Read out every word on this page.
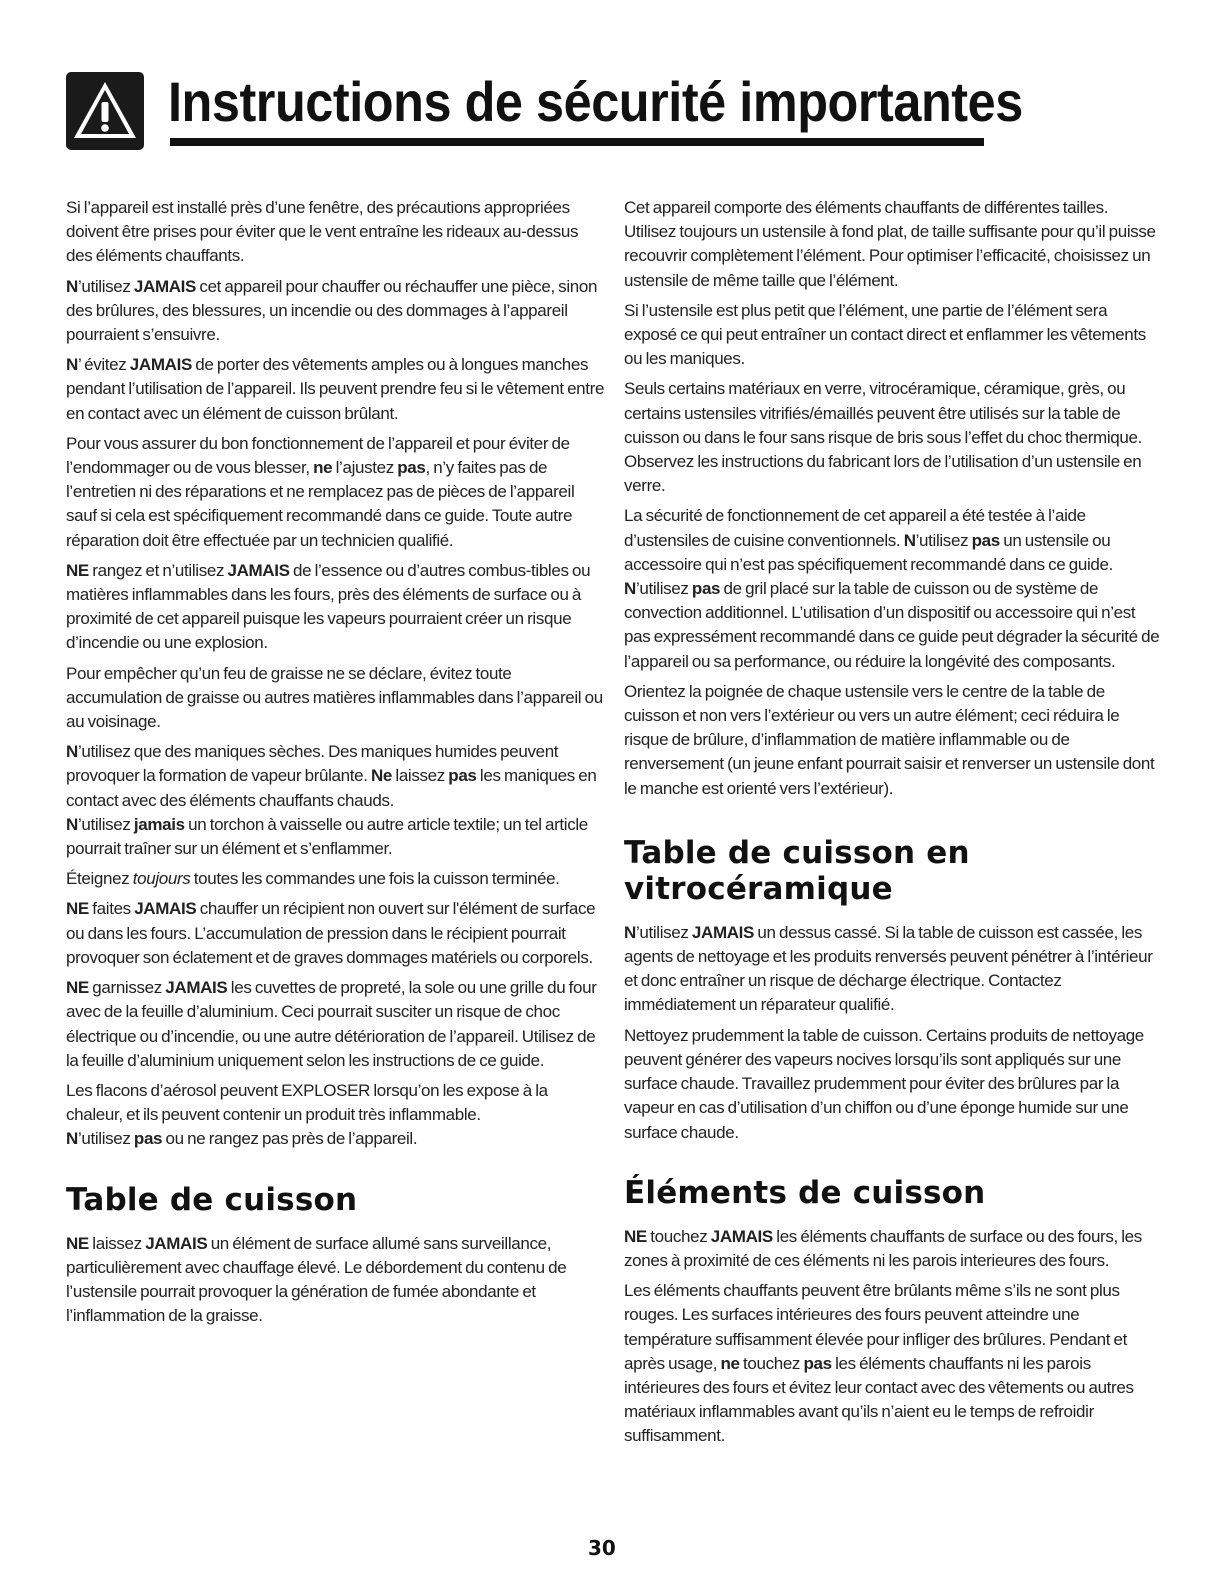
Instructions de sécurité importantes

Si l’appareil est installé près d’une fenêtre, des précautions appropriées doivent être prises pour éviter que le vent entraîne les rideaux au-dessus des éléments chauffants.

N’utilisez JAMAIS cet appareil pour chauffer ou réchauffer une pièce, sinon des brûlures, des blessures, un incendie ou des dommages à l’appareil pourraient s’ensuivre.

N’ évitez JAMAIS de porter des vêtements amples ou à longues manches pendant l’utilisation de l’appareil. Ils peuvent prendre feu si le vêtement entre en contact avec un élément de cuisson brûlant.

Pour vous assurer du bon fonctionnement de l’appareil et pour éviter de l’endommager ou de vous blesser, ne l’ajustez pas, n’y faites pas de l’entretien ni des réparations et ne remplacez pas de pièces de l’appareil sauf si cela est spécifiquement recommandé dans ce guide. Toute autre réparation doit être effectuée par un technicien qualifié.

NE rangez et n’utilisez JAMAIS de l’essence ou d’autres combus-tibles ou matières inflammables dans les fours, près des éléments de surface ou à proximité de cet appareil puisque les vapeurs pourraient créer un risque d’incendie ou une explosion.

Pour empêcher qu’un feu de graisse ne se déclare, évitez toute accumulation de graisse ou autres matières inflammables dans l’appareil ou au voisinage.

N’utilisez que des maniques sèches. Des maniques humides peuvent provoquer la formation de vapeur brûlante. Ne laissez pas les maniques en contact avec des éléments chauffants chauds.

N’utilisez jamais un torchon à vaisselle ou autre article textile; un tel article pourrait traîner sur un élément et s’enflammer.

Éteignez toujours toutes les commandes une fois la cuisson terminée.

NE faites JAMAIS chauffer un récipient non ouvert sur l'élément de surface ou dans les fours. L’accumulation de pression dans le récipient pourrait provoquer son éclatement et de graves dommages matériels ou corporels.

NE garnissez JAMAIS les cuvettes de propreté, la sole ou une grille du four avec de la feuille d’aluminium. Ceci pourrait susciter un risque de choc électrique ou d’incendie, ou une autre détérioration de l’appareil. Utilisez de la feuille d’aluminium uniquement selon les instructions de ce guide.

Les flacons d’aérosol peuvent EXPLOSER lorsqu’on les expose à la chaleur, et ils peuvent contenir un produit très inflammable.

N’utilisez pas ou ne rangez pas près de l’appareil.

Table de cuisson

NE laissez JAMAIS un élément de surface allumé sans surveillance, particulièrement avec chauffage élevé. Le débordement du contenu de l’ustensile pourrait provoquer la génération de fumée abondante et l’inflammation de la graisse.

Cet appareil comporte des éléments chauffants de différentes tailles. Utilisez toujours un ustensile à fond plat, de taille suffisante pour qu’il puisse recouvrir complètement l’élément. Pour optimiser l’efficacité, choisissez un ustensile de même taille que l’élément.

Si l’ustensile est plus petit que l’élément, une partie de l’élément sera exposé ce qui peut entraîner un contact direct et enflammer les vêtements ou les maniques.

Seuls certains matériaux en verre, vitrocéramique, céramique, grès, ou certains ustensiles vitrifiés/émaillés peuvent être utilisés sur la table de cuisson ou dans le four sans risque de bris sous l’effet du choc thermique. Observez les instructions du fabricant lors de l’utilisation d’un ustensile en verre.

La sécurité de fonctionnement de cet appareil a été testée à l’aide d’ustensiles de cuisine conventionnels. N’utilisez pas un ustensile ou accessoire qui n’est pas spécifiquement recommandé dans ce guide. N’utilisez pas de gril placé sur la table de cuisson ou de système de convection additionnel. L’utilisation d’un dispositif ou accessoire qui n’est pas expressément recommandé dans ce guide peut dégrader la sécurité de l’appareil ou sa performance, ou réduire la longévité des composants.

Orientez la poignée de chaque ustensile vers le centre de la table de cuisson et non vers l’extérieur ou vers un autre élément; ceci réduira le risque de brûlure, d’inflammation de matière inflammable ou de renversement (un jeune enfant pourrait saisir et renverser un ustensile dont le manche est orienté vers l’extérieur).

Table de cuisson en vitrocéramique

N’utilisez JAMAIS un dessus cassé. Si la table de cuisson est cassée, les agents de nettoyage et les produits renversés peuvent pénétrer à l’intérieur et donc entraîner un risque de décharge électrique. Contactez immédiatement un réparateur qualifié.

Nettoyez prudemment la table de cuisson. Certains produits de nettoyage peuvent générer des vapeurs nocives lorsqu’ils sont appliqués sur une surface chaude. Travaillez prudemment pour éviter des brûlures par la vapeur en cas d’utilisation d’un chiffon ou d’une éponge humide sur une surface chaude.

Éléments de cuisson

NE touchez JAMAIS les éléments chauffants de surface ou des fours, les zones à proximité de ces éléments ni les parois interieures des fours.

Les éléments chauffants peuvent être brûlants même s’ils ne sont plus rouges. Les surfaces intérieures des fours peuvent atteindre une température suffisamment élevée pour infliger des brûlures. Pendant et après usage, ne touchez pas les éléments chauffants ni les parois intérieures des fours et évitez leur contact avec des vêtements ou autres matériaux inflammables avant qu’ils n’aient eu le temps de refroidir suffisamment.

30
